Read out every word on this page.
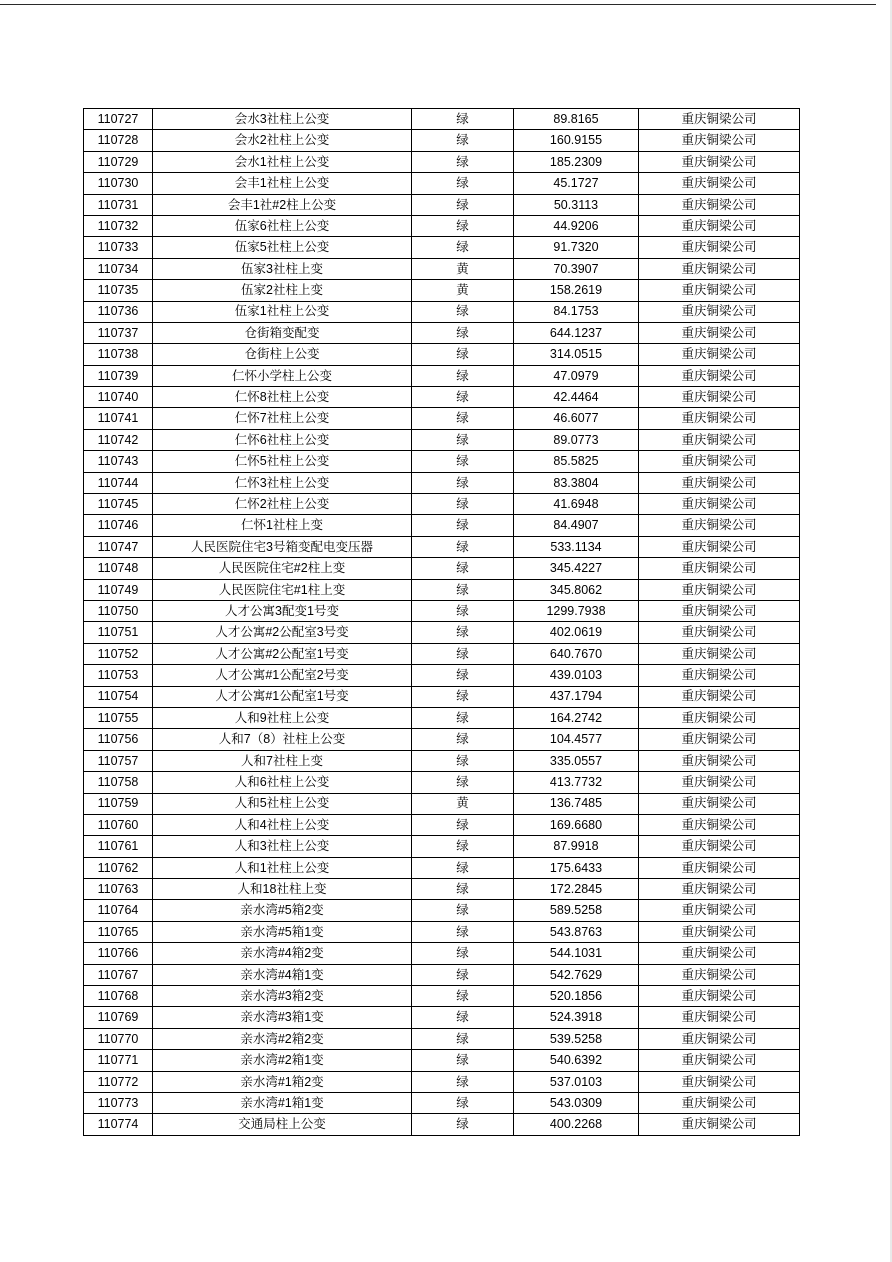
110727	会水3社柱上公变	绿	89.8165	重庆铜梁公司
110728	会水2社柱上公变	绿	160.9155	重庆铜梁公司
110729	会水1社柱上公变	绿	185.2309	重庆铜梁公司
110730	会丰1社柱上公变	绿	45.1727	重庆铜梁公司
110731	会丰1社#2柱上公变	绿	50.3113	重庆铜梁公司
110732	伍家6社柱上公变	绿	44.9206	重庆铜梁公司
110733	伍家5社柱上公变	绿	91.7320	重庆铜梁公司
110734	伍家3社柱上变	黄	70.3907	重庆铜梁公司
110735	伍家2社柱上变	黄	158.2619	重庆铜梁公司
110736	伍家1社柱上公变	绿	84.1753	重庆铜梁公司
110737	仓街箱变配变	绿	644.1237	重庆铜梁公司
110738	仓街柱上公变	绿	314.0515	重庆铜梁公司
110739	仁怀小学柱上公变	绿	47.0979	重庆铜梁公司
110740	仁怀8社柱上公变	绿	42.4464	重庆铜梁公司
110741	仁怀7社柱上公变	绿	46.6077	重庆铜梁公司
110742	仁怀6社柱上公变	绿	89.0773	重庆铜梁公司
110743	仁怀5社柱上公变	绿	85.5825	重庆铜梁公司
110744	仁怀3社柱上公变	绿	83.3804	重庆铜梁公司
110745	仁怀2社柱上公变	绿	41.6948	重庆铜梁公司
110746	仁怀1社柱上变	绿	84.4907	重庆铜梁公司
110747	人民医院住宅3号箱变配电变压器	绿	533.1134	重庆铜梁公司
110748	人民医院住宅#2柱上变	绿	345.4227	重庆铜梁公司
110749	人民医院住宅#1柱上变	绿	345.8062	重庆铜梁公司
110750	人才公寓3配变1号变	绿	1299.7938	重庆铜梁公司
110751	人才公寓#2公配室3号变	绿	402.0619	重庆铜梁公司
110752	人才公寓#2公配室1号变	绿	640.7670	重庆铜梁公司
110753	人才公寓#1公配室2号变	绿	439.0103	重庆铜梁公司
110754	人才公寓#1公配室1号变	绿	437.1794	重庆铜梁公司
110755	人和9社柱上公变	绿	164.2742	重庆铜梁公司
110756	人和7（8）社柱上公变	绿	104.4577	重庆铜梁公司
110757	人和7社柱上变	绿	335.0557	重庆铜梁公司
110758	人和6社柱上公变	绿	413.7732	重庆铜梁公司
110759	人和5社柱上公变	黄	136.7485	重庆铜梁公司
110760	人和4社柱上公变	绿	169.6680	重庆铜梁公司
110761	人和3社柱上公变	绿	87.9918	重庆铜梁公司
110762	人和1社柱上公变	绿	175.6433	重庆铜梁公司
110763	人和18社柱上变	绿	172.2845	重庆铜梁公司
110764	亲水湾#5箱2变	绿	589.5258	重庆铜梁公司
110765	亲水湾#5箱1变	绿	543.8763	重庆铜梁公司
110766	亲水湾#4箱2变	绿	544.1031	重庆铜梁公司
110767	亲水湾#4箱1变	绿	542.7629	重庆铜梁公司
110768	亲水湾#3箱2变	绿	520.1856	重庆铜梁公司
110769	亲水湾#3箱1变	绿	524.3918	重庆铜梁公司
110770	亲水湾#2箱2变	绿	539.5258	重庆铜梁公司
110771	亲水湾#2箱1变	绿	540.6392	重庆铜梁公司
110772	亲水湾#1箱2变	绿	537.0103	重庆铜梁公司
110773	亲水湾#1箱1变	绿	543.0309	重庆铜梁公司
110774	交通局柱上公变	绿	400.2268	重庆铜梁公司
